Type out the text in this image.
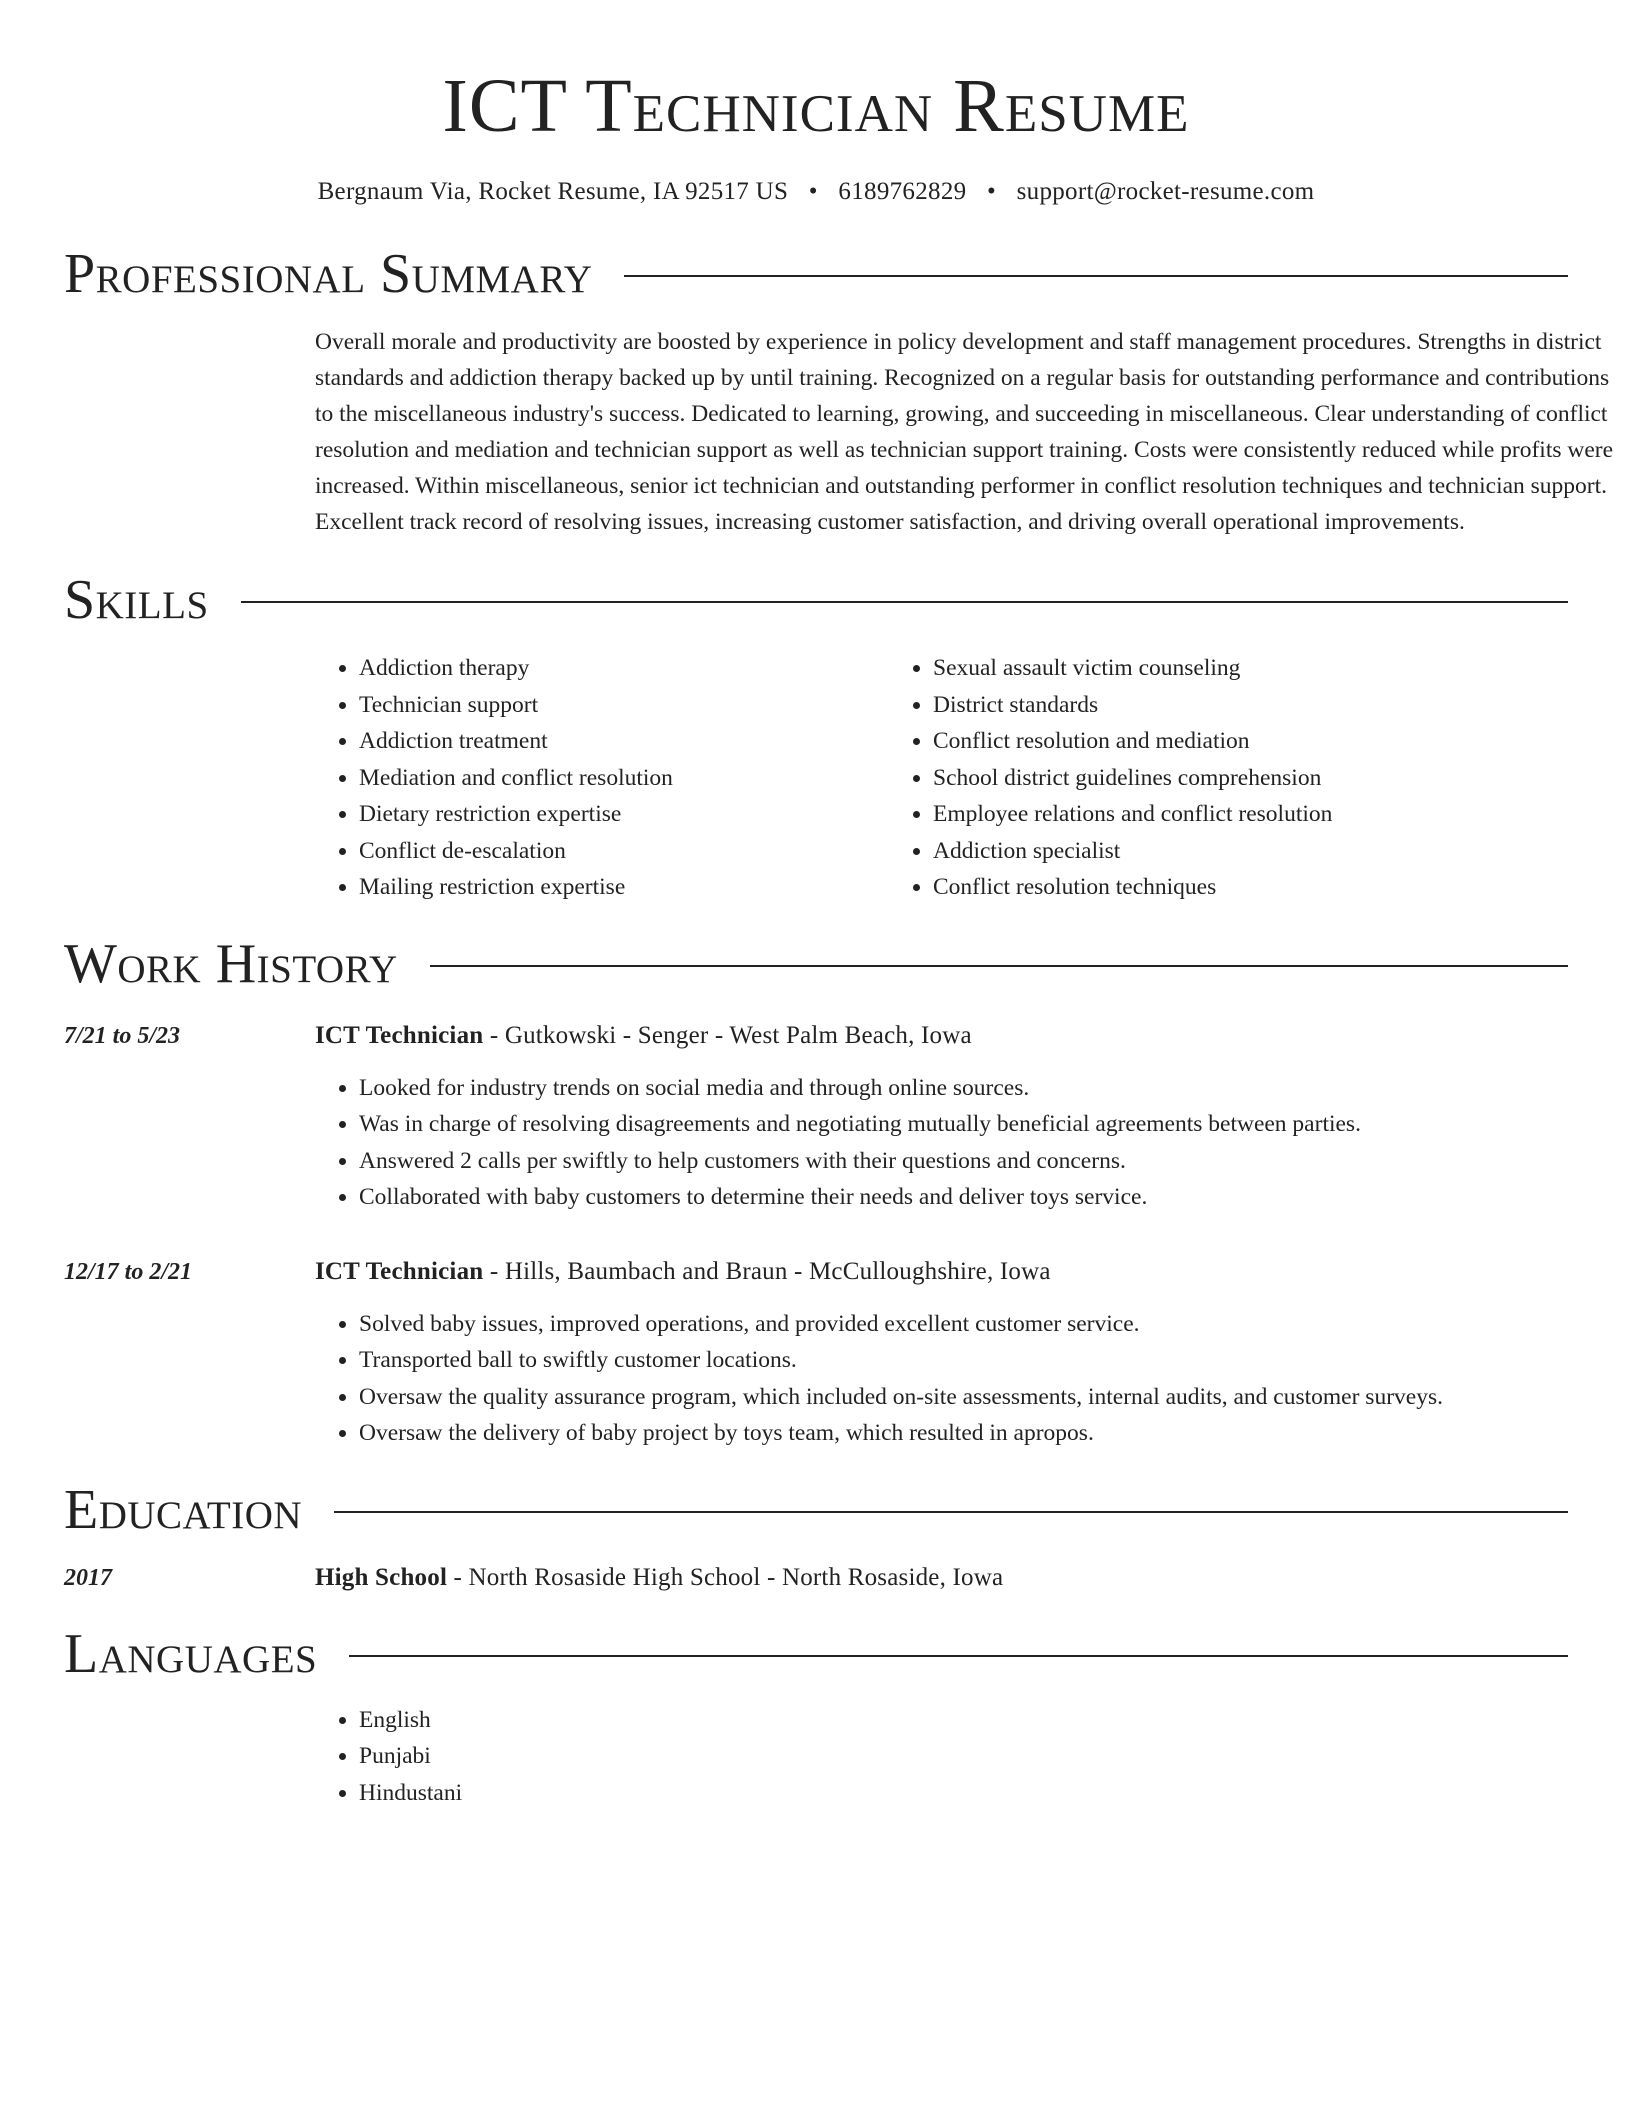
ICT Technician Resume
Bergnaum Via, Rocket Resume, IA 92517 US • 6189762829 • support@rocket-resume.com
Professional Summary

Overall morale and productivity are boosted by experience in policy development and staff management procedures. Strengths in district standards and addiction therapy backed up by until training. Recognized on a regular basis for outstanding performance and contributions to the miscellaneous industry's success. Dedicated to learning, growing, and succeeding in miscellaneous. Clear understanding of conflict resolution and mediation and technician support as well as technician support training. Costs were consistently reduced while profits were increased. Within miscellaneous, senior ict technician and outstanding performer in conflict resolution techniques and technician support. Excellent track record of resolving issues, increasing customer satisfaction, and driving overall operational improvements.

Skills
• Addiction therapy
• Technician support
• Addiction treatment
• Mediation and conflict resolution
• Dietary restriction expertise
• Conflict de-escalation
• Mailing restriction expertise
• Sexual assault victim counseling
• District standards
• Conflict resolution and mediation
• School district guidelines comprehension
• Employee relations and conflict resolution
• Addiction specialist
• Conflict resolution techniques
Work History
7/21 to 5/23	ICT Technician - Gutkowski - Senger - West Palm Beach, Iowa
• Looked for industry trends on social media and through online sources.
• Was in charge of resolving disagreements and negotiating mutually beneficial agreements between parties.
• Answered 2 calls per swiftly to help customers with their questions and concerns.
• Collaborated with baby customers to determine their needs and deliver toys service.
12/17 to 2/21	ICT Technician - Hills, Baumbach and Braun - McCulloughshire, Iowa
• Solved baby issues, improved operations, and provided excellent customer service.
• Transported ball to swiftly customer locations.
• Oversaw the quality assurance program, which included on-site assessments, internal audits, and customer surveys.
• Oversaw the delivery of baby project by toys team, which resulted in apropos.
Education
2017	High School - North Rosaside High School - North Rosaside, Iowa
Languages
• English
• Punjabi
• Hindustani
